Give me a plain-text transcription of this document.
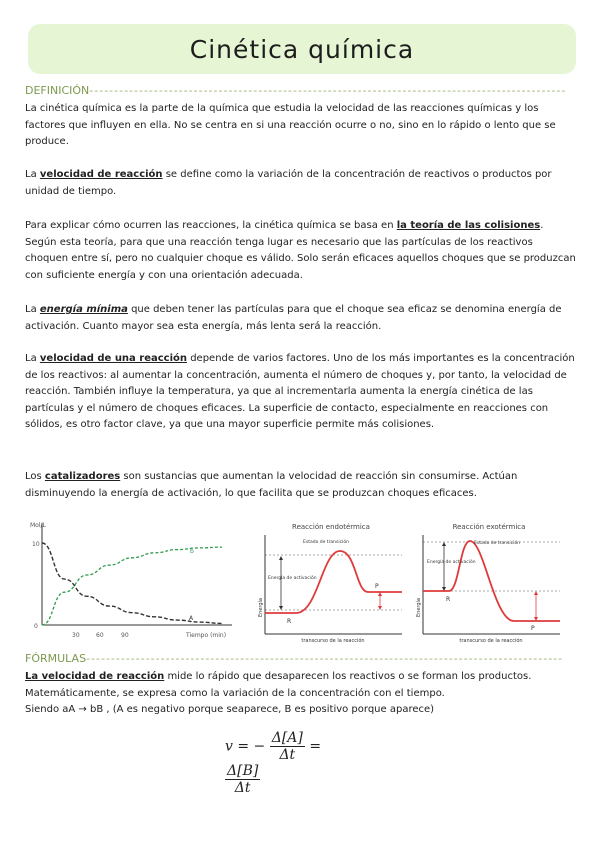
Cinética química
DEFINICIÓN------------------------------------------------------------------------------------------------

La cinética química es la parte de la química que estudia la velocidad de las reacciones químicas y los factores que influyen en ella. No se centra en si una reacción ocurre o no, sino en lo rápido o lento que se produce.

La velocidad de reacción se define como la variación de la concentración de reactivos o productos por unidad de tiempo.

Para explicar cómo ocurren las reacciones, la cinética química se basa en la teoría de las colisiones. Según esta teoría, para que una reacción tenga lugar es necesario que las partículas de los reactivos choquen entre sí, pero no cualquier choque es válido. Solo serán eficaces aquellos choques que se produzcan con suficiente energía y con una orientación adecuada.

La energía mínima que deben tener las partículas para que el choque sea eficaz se denomina energía de activación. Cuanto mayor sea esta energía, más lenta será la reacción.

La velocidad de una reacción depende de varios factores. Uno de los más importantes es la concentración de los reactivos: al aumentar la concentración, aumenta el número de choques y, por tanto, la velocidad de reacción. También influye la temperatura, ya que al incrementarla aumenta la energía cinética de las partículas y el número de choques eficaces. La superficie de contacto, especialmente en reacciones con sólidos, es otro factor clave, ya que una mayor superficie permite más colisiones.

Los catalizadores son sustancias que aumentan la velocidad de reacción sin consumirse. Actúan disminuyendo la energía de activación, lo que facilita que se produzcan choques eficaces.

Mol/L
10
0
30	60	90	Tiempo (min)
b
A
Reacción endotérmica
Energía
transcurso de la reacción
Estado de transición
Energía de activación
R
P
Reacción exotérmica
Energía
transcurso de la reacción
Estado de transición
Energía de activación
R
P
FÓRMULAS------------------------------------------------------------------------------------------------

La velocidad de reacción mide lo rápido que desaparecen los reactivos o se forman los productos.
Matemáticamente, se expresa como la variación de la concentración con el tiempo.
Siendo aA → bB , (A es negativo porque seaparece, B es positivo porque aparece)

v = − $\frac{\Delta[A]}{\Delta t}$ =
$\frac{\Delta[B]}{\Delta t}$
